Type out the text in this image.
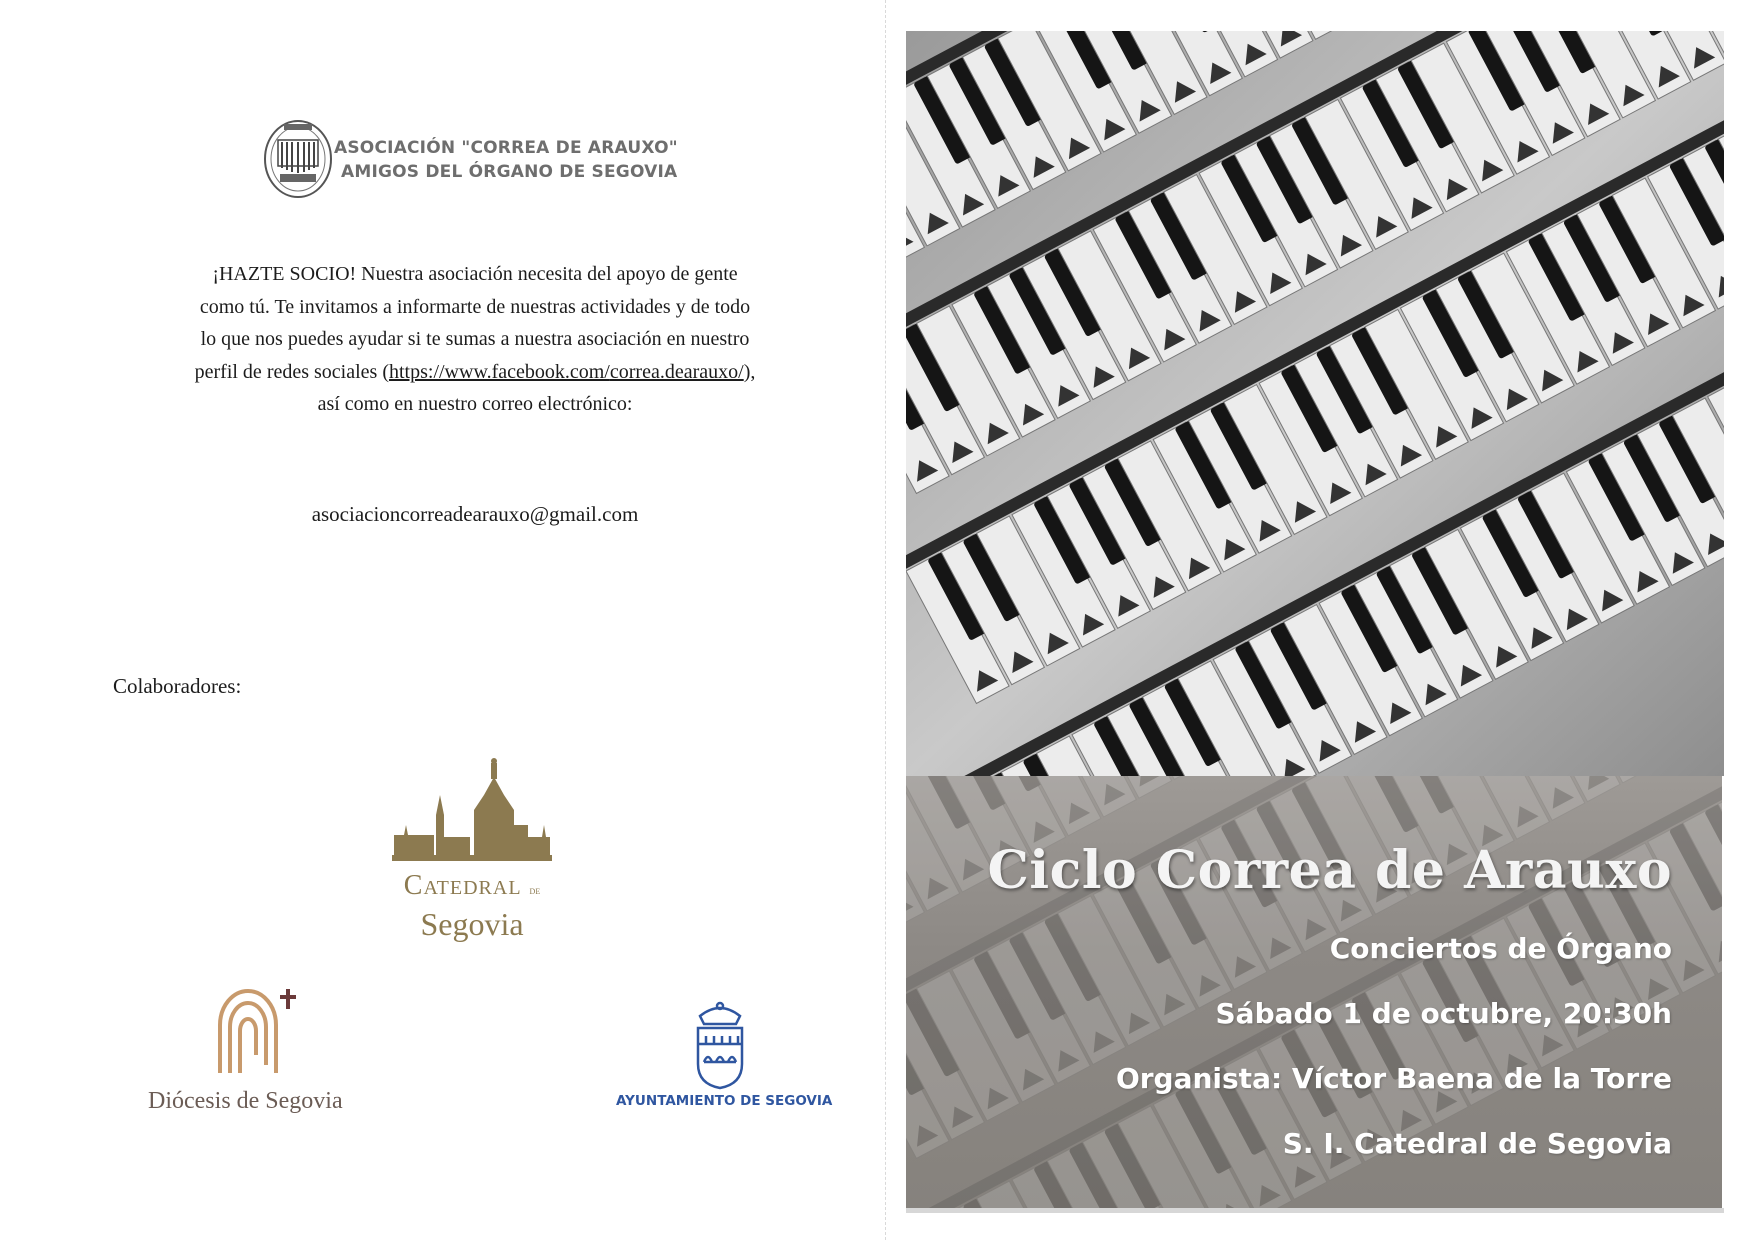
ASOCIACIÓN "CORREA DE ARAUXO"
AMIGOS DEL ÓRGANO DE SEGOVIA
¡HAZTE SOCIO! Nuestra asociación necesita del apoyo de gente como tú. Te invitamos a informarte de nuestras actividades y de todo lo que nos puedes ayudar si te sumas a nuestra asociación en nuestro perfil de redes sociales (https://www.facebook.com/correa.dearauxo/), así como en nuestro correo electrónico:
asociacioncorreadearauxo@gmail.com
Colaboradores:
Catedral de
Segovia
Diócesis de Segovia	AYUNTAMIENTO DE SEGOVIA
Ciclo Correa de Arauxo
Conciertos de Órgano
Sábado 1 de octubre, 20:30h
Organista: Víctor Baena de la Torre
S. I. Catedral de Segovia
